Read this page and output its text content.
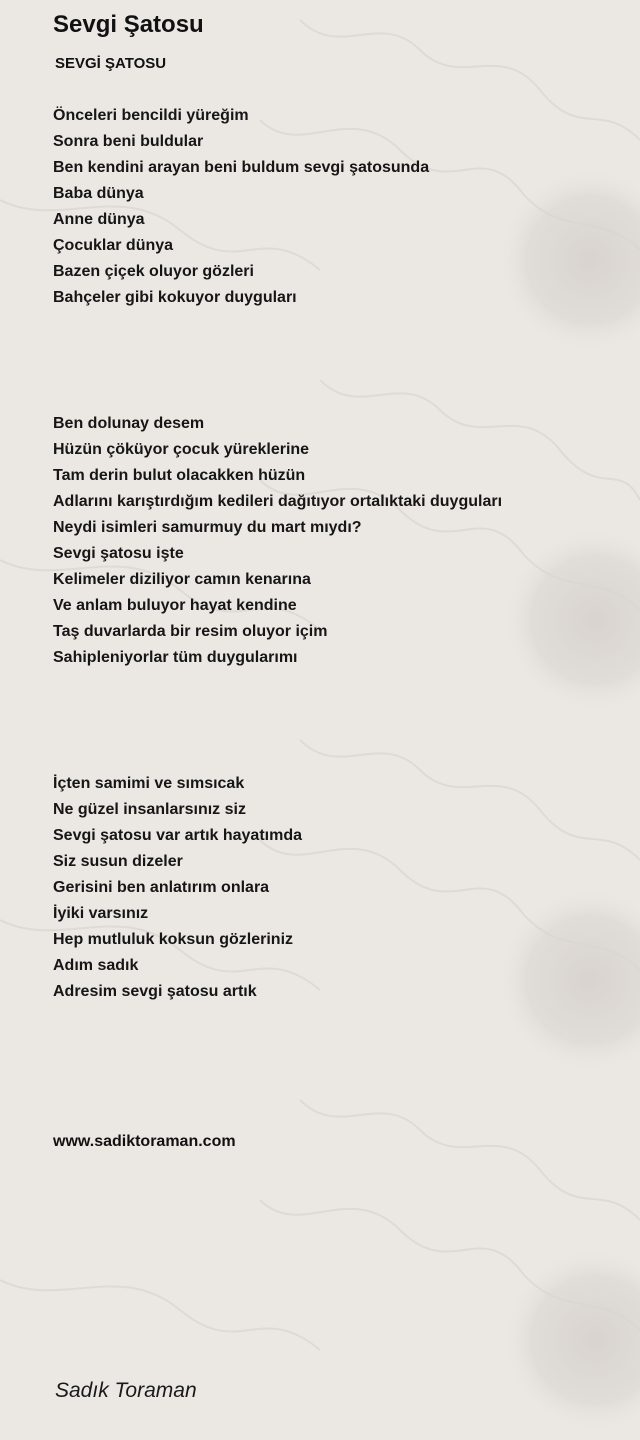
Sevgi Şatosu
SEVGİ ŞATOSU
Önceleri bencildi yüreğim
Sonra beni buldular
Ben kendini arayan beni buldum sevgi şatosunda
Baba dünya
Anne dünya
Çocuklar dünya
Bazen çiçek oluyor gözleri
Bahçeler gibi kokuyor duyguları
Ben dolunay desem
Hüzün çöküyor çocuk yüreklerine
Tam derin bulut olacakken hüzün
Adlarını karıştırdığım kedileri dağıtıyor ortalıktaki duyguları
Neydi isimleri samurmuy du mart mıydı?
Sevgi şatosu işte
Kelimeler diziliyor camın kenarına
Ve anlam buluyor hayat kendine
Taş duvarlarda bir resim oluyor içim
Sahipleniyorlar tüm duygularımı
İçten samimi ve sımsıcak
Ne güzel insanlarsınız siz
Sevgi şatosu var artık hayatımda
Siz susun dizeler
Gerisini ben anlatırım onlara
İyiki varsınız
Hep mutluluk koksun gözleriniz
Adım sadık
Adresim sevgi şatosu artık
www.sadiktoraman.com
Sadık Toraman
